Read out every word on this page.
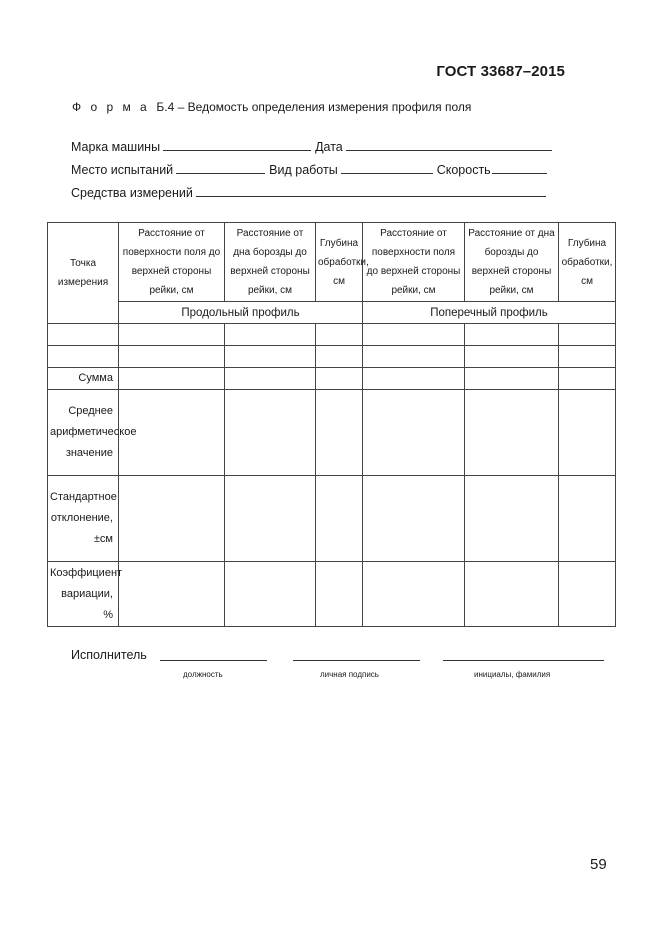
ГОСТ 33687–2015
Ф о р м а Б.4 – Ведомость определения измерения профиля поля
Марка машины	Дата
Место испытаний	Вид работы	Скорость
Средства измерений
Точка измерения	Расстояние от поверхности поля до верхней стороны рейки, см	Расстояние от дна борозды до верхней стороны рейки, см	Глубина обработки, см	Расстояние от поверхности поля до верхней стороны рейки, см	Расстояние от дна борозды до верхней стороны рейки, см	Глубина обработки, см
	Продольный профиль			Поперечный профиль		

Сумма						
Среднее арифметическое значение						
Стандартное отклонение, ±см						
Коэффициент вариации, %						
Исполнитель
должность	личная подпись	инициалы, фамилия
59
